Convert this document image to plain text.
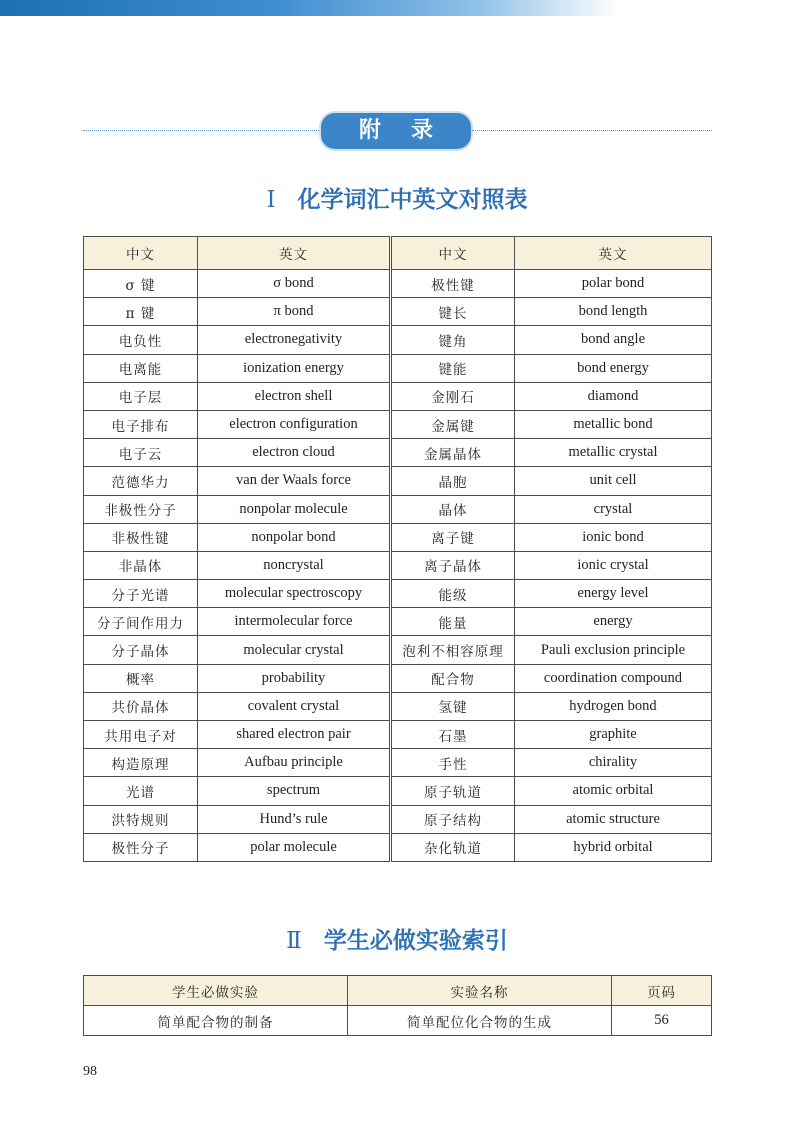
附录
Ⅰ 化学词汇中英文对照表
中文	英文	中文	英文
σ 键	σ bond	极性键	polar bond
π 键	π bond	键长	bond length
电负性	electronegativity	键角	bond angle
电离能	ionization energy	键能	bond energy
电子层	electron shell	金刚石	diamond
电子排布	electron configuration	金属键	metallic bond
电子云	electron cloud	金属晶体	metallic crystal
范德华力	van der Waals force	晶胞	unit cell
非极性分子	nonpolar molecule	晶体	crystal
非极性键	nonpolar bond	离子键	ionic bond
非晶体	noncrystal	离子晶体	ionic crystal
分子光谱	molecular spectroscopy	能级	energy level
分子间作用力	intermolecular force	能量	energy
分子晶体	molecular crystal	泡利不相容原理	Pauli exclusion principle
概率	probability	配合物	coordination compound
共价晶体	covalent crystal	氢键	hydrogen bond
共用电子对	shared electron pair	石墨	graphite
构造原理	Aufbau principle	手性	chirality
光谱	spectrum	原子轨道	atomic orbital
洪特规则	Hund’s rule	原子结构	atomic structure
极性分子	polar molecule	杂化轨道	hybrid orbital
Ⅱ 学生必做实验索引
学生必做实验	实验名称	页码
简单配合物的制备	简单配位化合物的生成	56
98
